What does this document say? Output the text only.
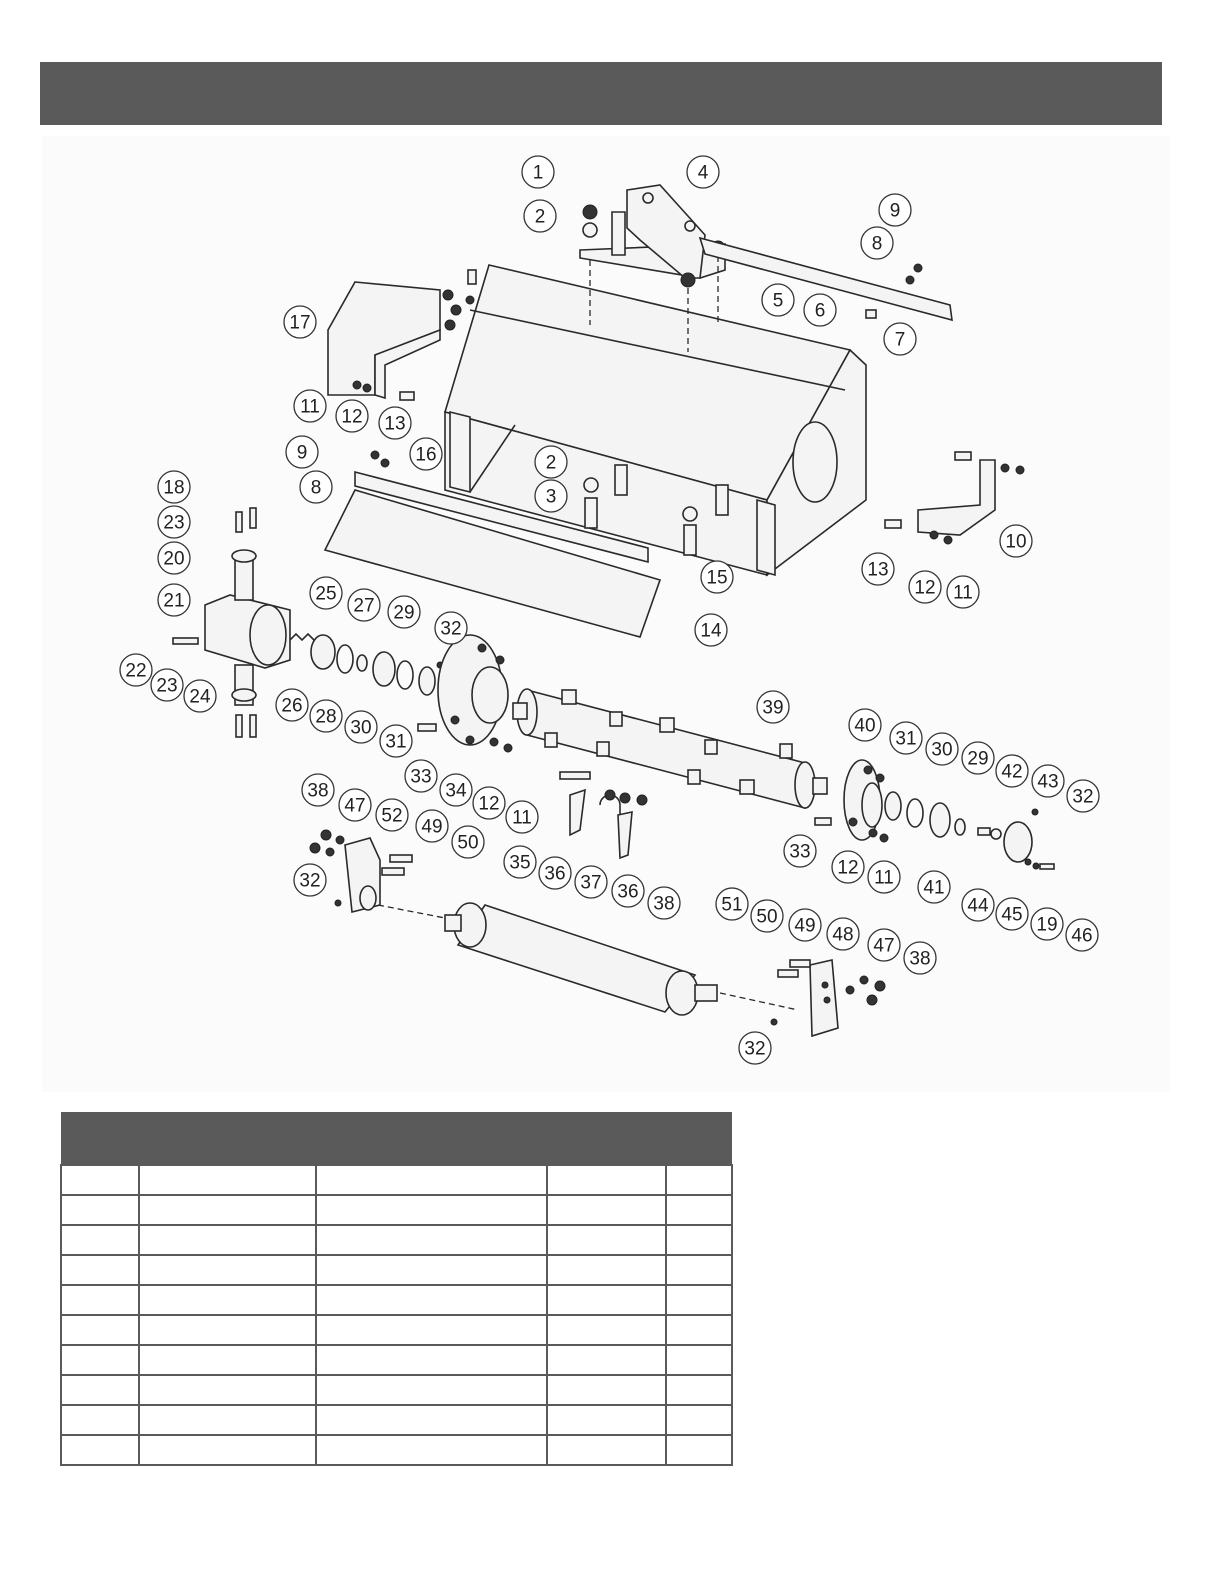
1
2
4
9
8
5 6
7
17
11 12 13
9	16
8
2
3
18
23
20
21
10
13
12 11
15
14
25
27 29
32
22
23
24	26
28
30
31
39
40
31
30 29
42 43
32
33
34
12
11
38
47 52
49
50
32
35
36 37 36
38
33
12 11 41
44 45 19
46
51
50 49 48
47
38
32
